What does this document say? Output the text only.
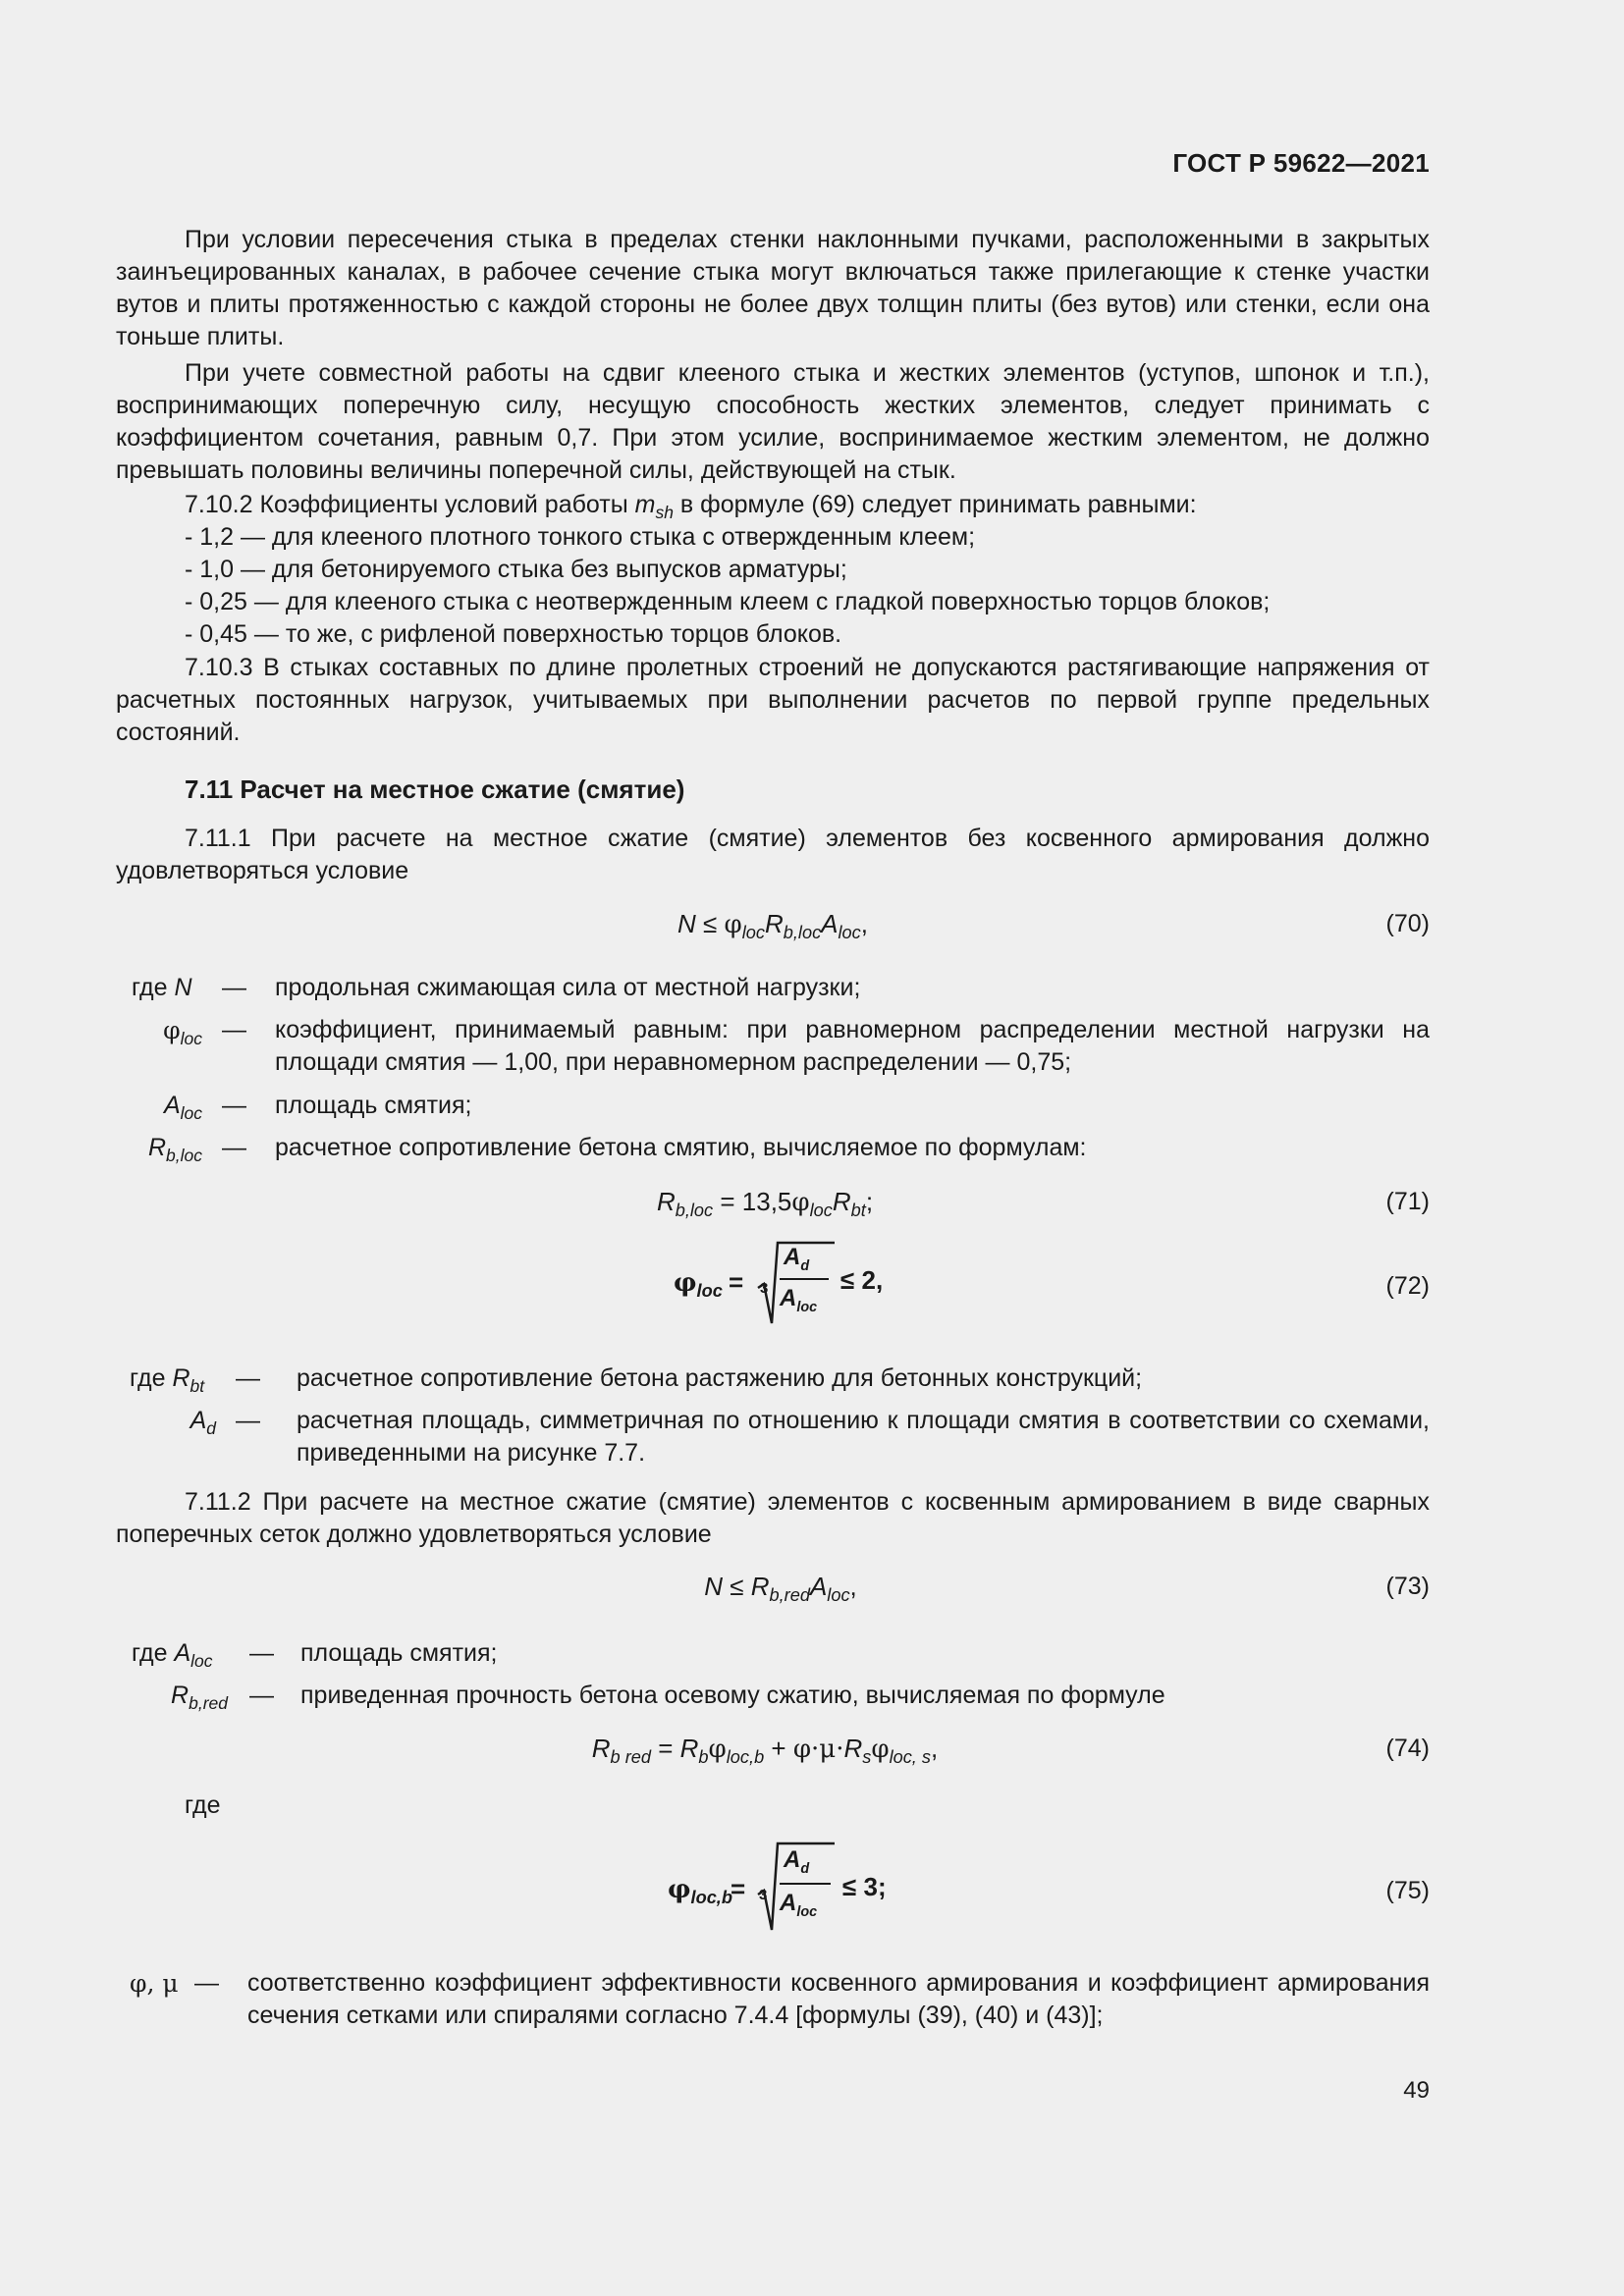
ГОСТ Р 59622—2021
При условии пересечения стыка в пределах стенки наклонными пучками, расположенными в закрытых заинъецированных каналах, в рабочее сечение стыка могут включаться также прилегающие к стенке участки вутов и плиты протяженностью с каждой стороны не более двух толщин плиты (без вутов) или стенки, если она тоньше плиты.
При учете совместной работы на сдвиг клееного стыка и жестких элементов (уступов, шпонок и т.п.), воспринимающих поперечную силу, несущую способность жестких элементов, следует принимать с коэффициентом сочетания, равным 0,7. При этом усилие, воспринимаемое жестким элементом, не должно превышать половины величины поперечной силы, действующей на стык.
7.10.2 Коэффициенты условий работы $m_{sh}$ в формуле (69) следует принимать равными:
- 1,2 — для клееного плотного тонкого стыка с отвержденным клеем;
- 1,0 — для бетонируемого стыка без выпусков арматуры;
- 0,25 — для клееного стыка с неотвержденным клеем с гладкой поверхностью торцов блоков;
- 0,45 — то же, с рифленой поверхностью торцов блоков.
7.10.3 В стыках составных по длине пролетных строений не допускаются растягивающие напряжения от расчетных постоянных нагрузок, учитываемых при выполнении расчетов по первой группе предельных состояний.
7.11 Расчет на местное сжатие (смятие)
7.11.1 При расчете на местное сжатие (смятие) элементов без косвенного армирования должно удовлетворяться условие
$N \le \varphi_{loc}R_{b,loc}A_{loc}$,	(70)
где N	— продольная сжимающая сила от местной нагрузки;
$\varphi_{loc}$ — коэффициент, принимаемый равным: при равномерном распределении местной нагрузки на площади смятия — 1,00, при неравномерном распределении — 0,75;
$A_{loc}$ — площадь смятия;
$R_{b,loc}$ — расчетное сопротивление бетона смятию, вычисляемое по формулам:
$R_{b,loc} = 13,5\varphi_{loc}R_{bt}$;	(71)
$\varphi_{loc} = 3$
$A_d$
$A_{loc}$
≤ 2,	(72)
где $R_{bt}$	— расчетное сопротивление бетона растяжению для бетонных конструкций;
$A_d$ — расчетная площадь, симметричная по отношению к площади смятия в соответствии со схемами, приведенными на рисунке 7.7.
7.11.2 При расчете на местное сжатие (смятие) элементов с косвенным армированием в виде сварных поперечных сеток должно удовлетворяться условие
$N \le R_{b,red}A_{loc}$,	(73)
где $A_{loc}$	— площадь смятия;
$R_{b,red}$ — приведенная прочность бетона осевому сжатию, вычисляемая по формуле
$R_{b red} = R_b\varphi_{loc,b} + \varphi\cdot\mu\cdot R_s\varphi_{loc, s}$,	(74)
где
$\varphi_{loc,b}$
= 3
$A_d$
$A_{loc}$
≤ 3;	(75)
φ, μ — соответственно коэффициент эффективности косвенного армирования и коэффициент армирования сечения сетками или спиралями согласно 7.4.4 [формулы (39), (40) и (43)];
49
